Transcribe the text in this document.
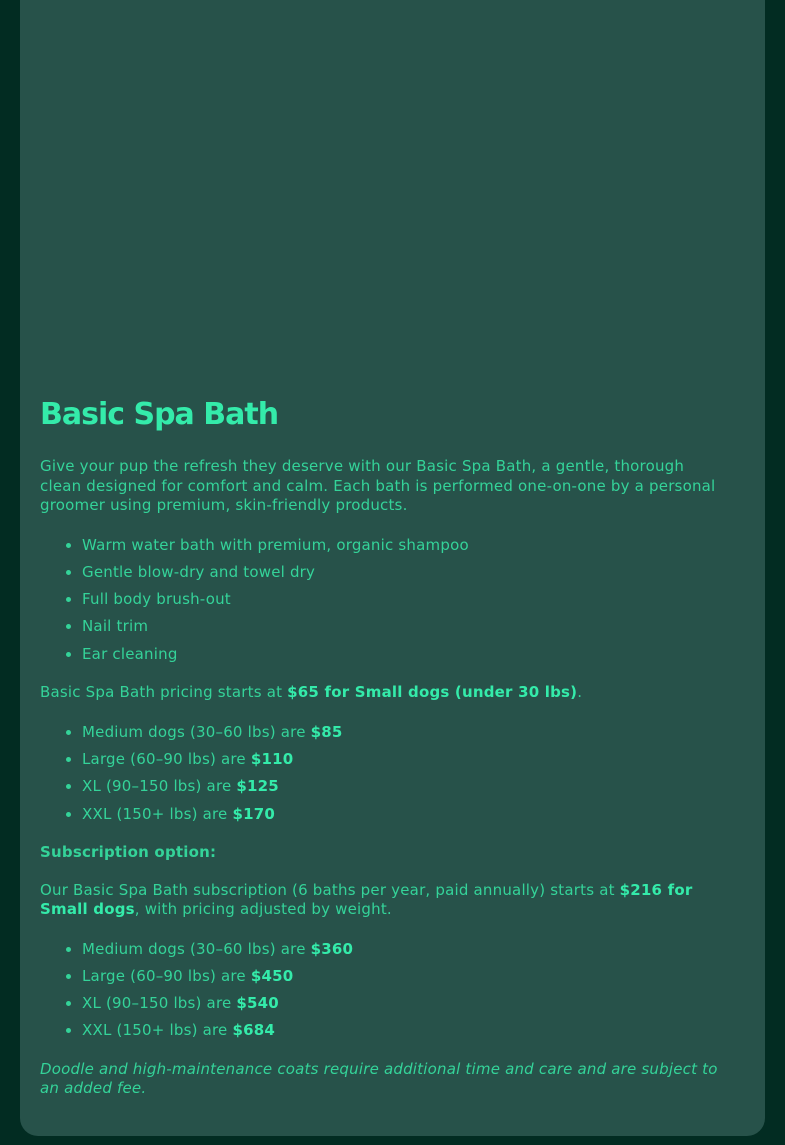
Basic Spa Bath

Give your pup the refresh they deserve with our Basic Spa Bath, a gentle, thorough clean designed for comfort and calm. Each bath is performed one-on-one by a personal groomer using premium, skin-friendly products.

• Warm water bath with premium, organic shampoo
• Gentle blow-dry and towel dry
• Full body brush-out
• Nail trim
• Ear cleaning

Basic Spa Bath pricing starts at $65 for Small dogs (under 30 lbs).

• Medium dogs (30–60 lbs) are $85
• Large (60–90 lbs) are $110
• XL (90–150 lbs) are $125
• XXL (150+ lbs) are $170

Subscription option:

Our Basic Spa Bath subscription (6 baths per year, paid annually) starts at $216 for Small dogs, with pricing adjusted by weight.

• Medium dogs (30–60 lbs) are $360
• Large (60–90 lbs) are $450
• XL (90–150 lbs) are $540
• XXL (150+ lbs) are $684

Doodle and high-maintenance coats require additional time and care and are subject to an added fee.
